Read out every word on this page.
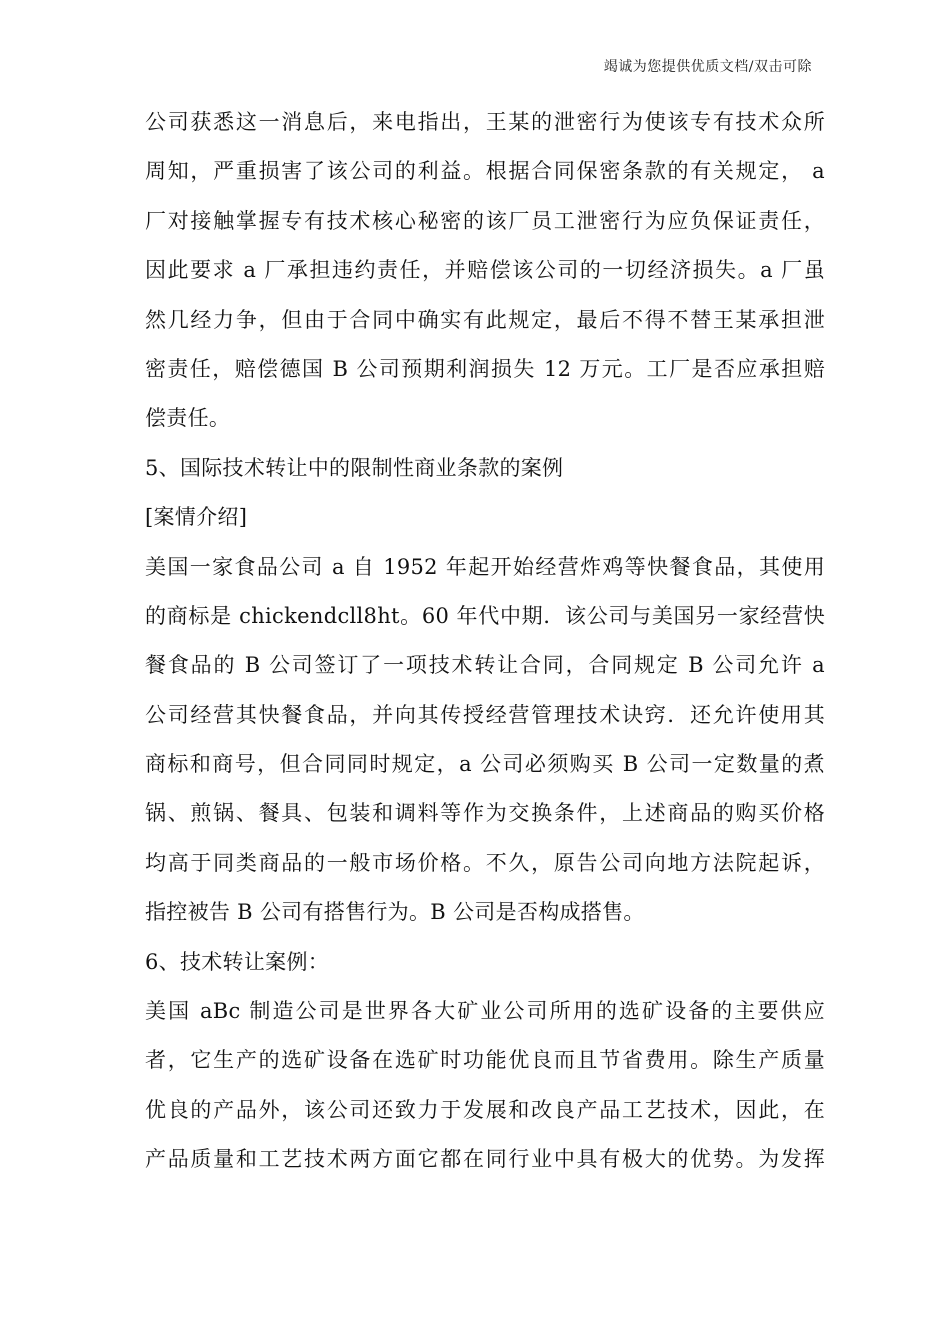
竭诚为您提供优质文档/双击可除
公司获悉这一消息后，来电指出，王某的泄密行为使该专有技术众所
周知，严重损害了该公司的利益。根据合同保密条款的有关规定， a
厂对接触掌握专有技术核心秘密的该厂员工泄密行为应负保证责任，
因此要求 a 厂承担违约责任，并赔偿该公司的一切经济损失。a 厂虽
然几经力争，但由于合同中确实有此规定，最后不得不替王某承担泄
密责任，赔偿德国 B 公司预期利润损失 12 万元。工厂是否应承担赔
偿责任。
5、国际技术转让中的限制性商业条款的案例
[案情介绍]
美国一家食品公司 a 自 1952 年起开始经营炸鸡等快餐食品，其使用
的商标是 chickendcll8ht。60 年代中期．该公司与美国另一家经营快
餐食品的 B 公司签订了一项技术转让合同，合同规定 B 公司允许 a
公司经营其快餐食品，并向其传授经营管理技术诀窍．还允许使用其
商标和商号，但合同同时规定，a 公司必须购买 B 公司一定数量的煮
锅、煎锅、餐具、包装和调料等作为交换条件，上述商品的购买价格
均高于同类商品的一般市场价格。不久，原告公司向地方法院起诉，
指控被告 B 公司有搭售行为。B 公司是否构成搭售。
6、技术转让案例：
美国 aBc 制造公司是世界各大矿业公司所用的选矿设备的主要供应
者，它生产的选矿设备在选矿时功能优良而且节省费用。除生产质量
优良的产品外，该公司还致力于发展和改良产品工艺技术，因此，在
产品质量和工艺技术两方面它都在同行业中具有极大的优势。为发挥
